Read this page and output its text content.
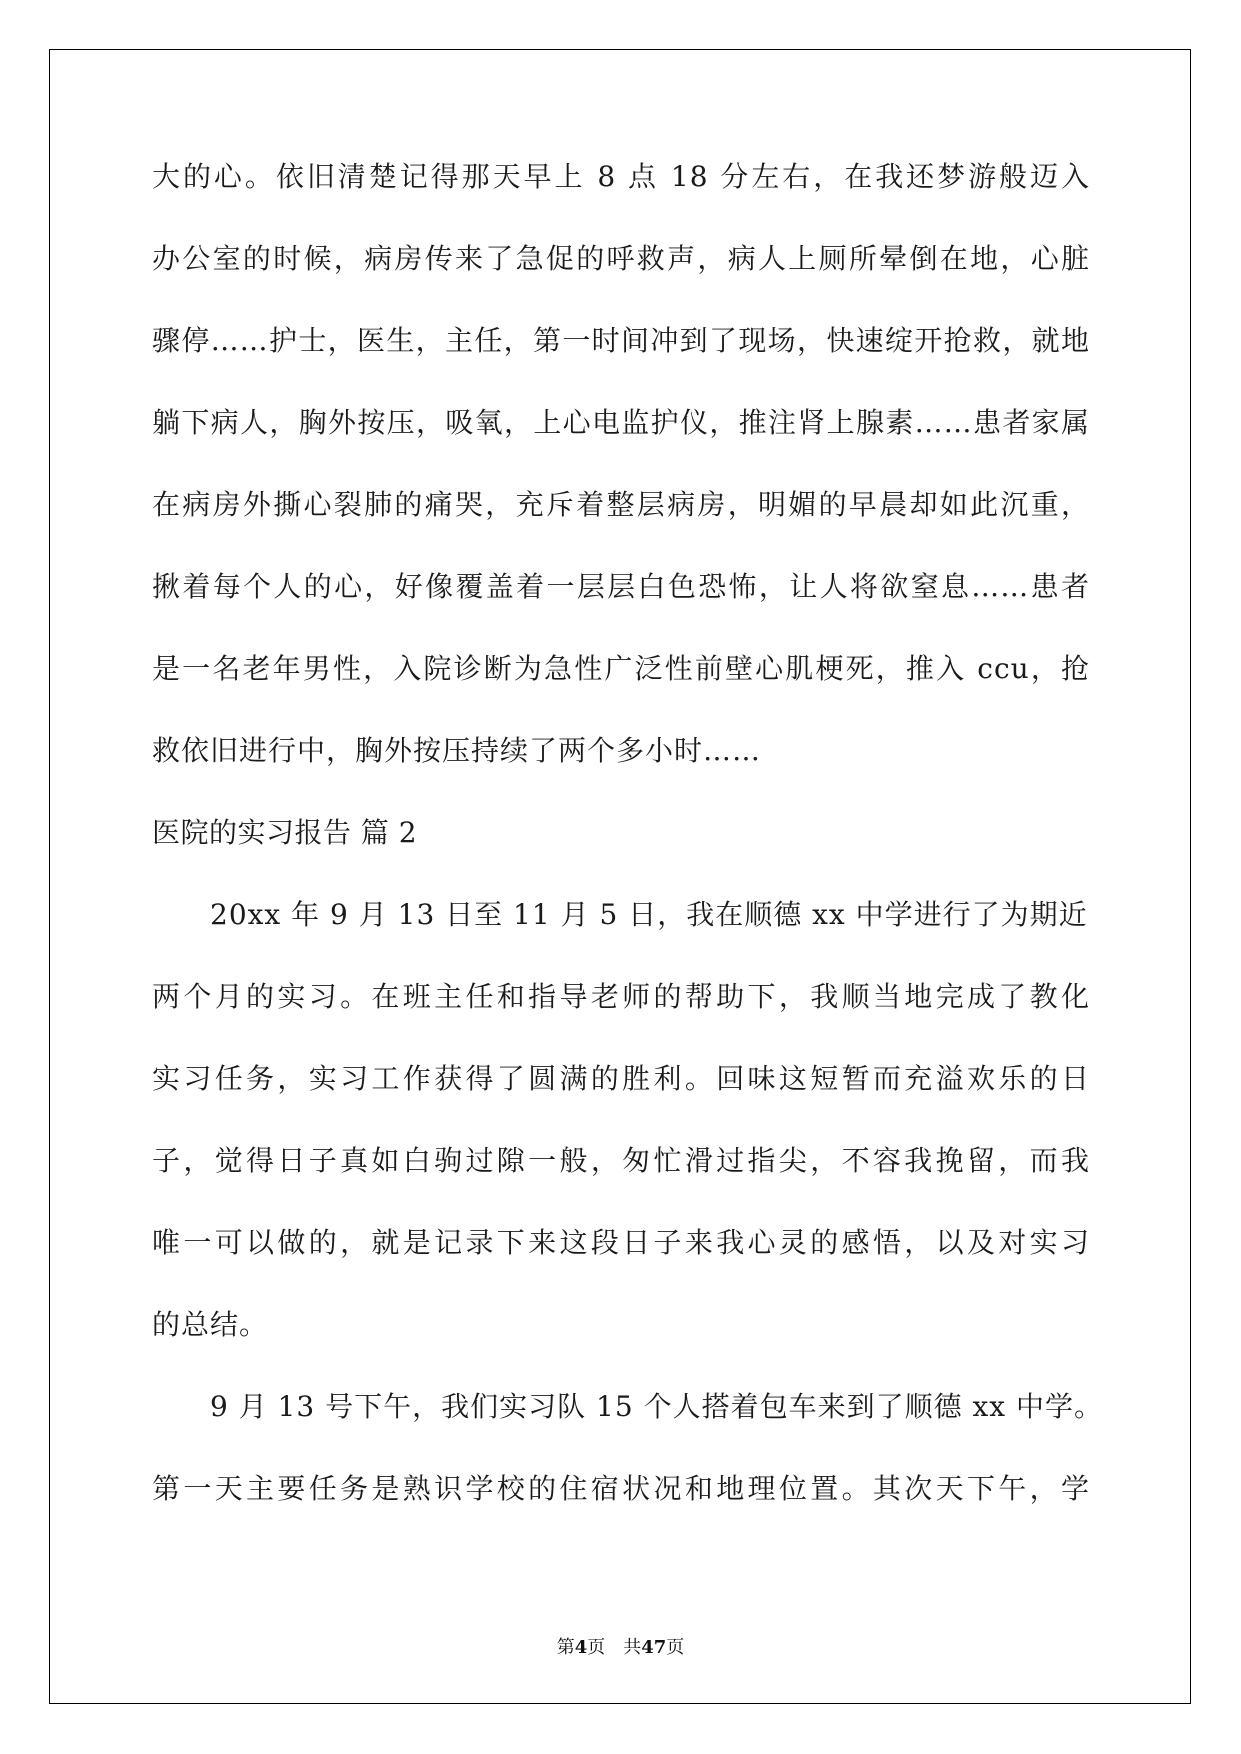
大的心。依旧清楚记得那天早上 8 点 18 分左右，在我还梦游般迈入
办公室的时候，病房传来了急促的呼救声，病人上厕所晕倒在地，心脏
骤停……护士，医生，主任，第一时间冲到了现场，快速绽开抢救，就地
躺下病人，胸外按压，吸氧，上心电监护仪，推注肾上腺素……患者家属
在病房外撕心裂肺的痛哭，充斥着整层病房，明媚的早晨却如此沉重，
揪着每个人的心，好像覆盖着一层层白色恐怖，让人将欲窒息……患者
是一名老年男性，入院诊断为急性广泛性前壁心肌梗死，推入 ccu，抢
救依旧进行中，胸外按压持续了两个多小时……
医院的实习报告 篇 2
20xx 年 9 月 13 日至 11 月 5 日，我在顺德 xx 中学进行了为期近
两个月的实习。在班主任和指导老师的帮助下，我顺当地完成了教化
实习任务，实习工作获得了圆满的胜利。回味这短暂而充溢欢乐的日
子，觉得日子真如白驹过隙一般，匆忙滑过指尖，不容我挽留，而我
唯一可以做的，就是记录下来这段日子来我心灵的感悟，以及对实习
的总结。
9 月 13 号下午，我们实习队 15 个人搭着包车来到了顺德 xx 中学。
第一天主要任务是熟识学校的住宿状况和地理位置。其次天下午，学
第4页 共47页
